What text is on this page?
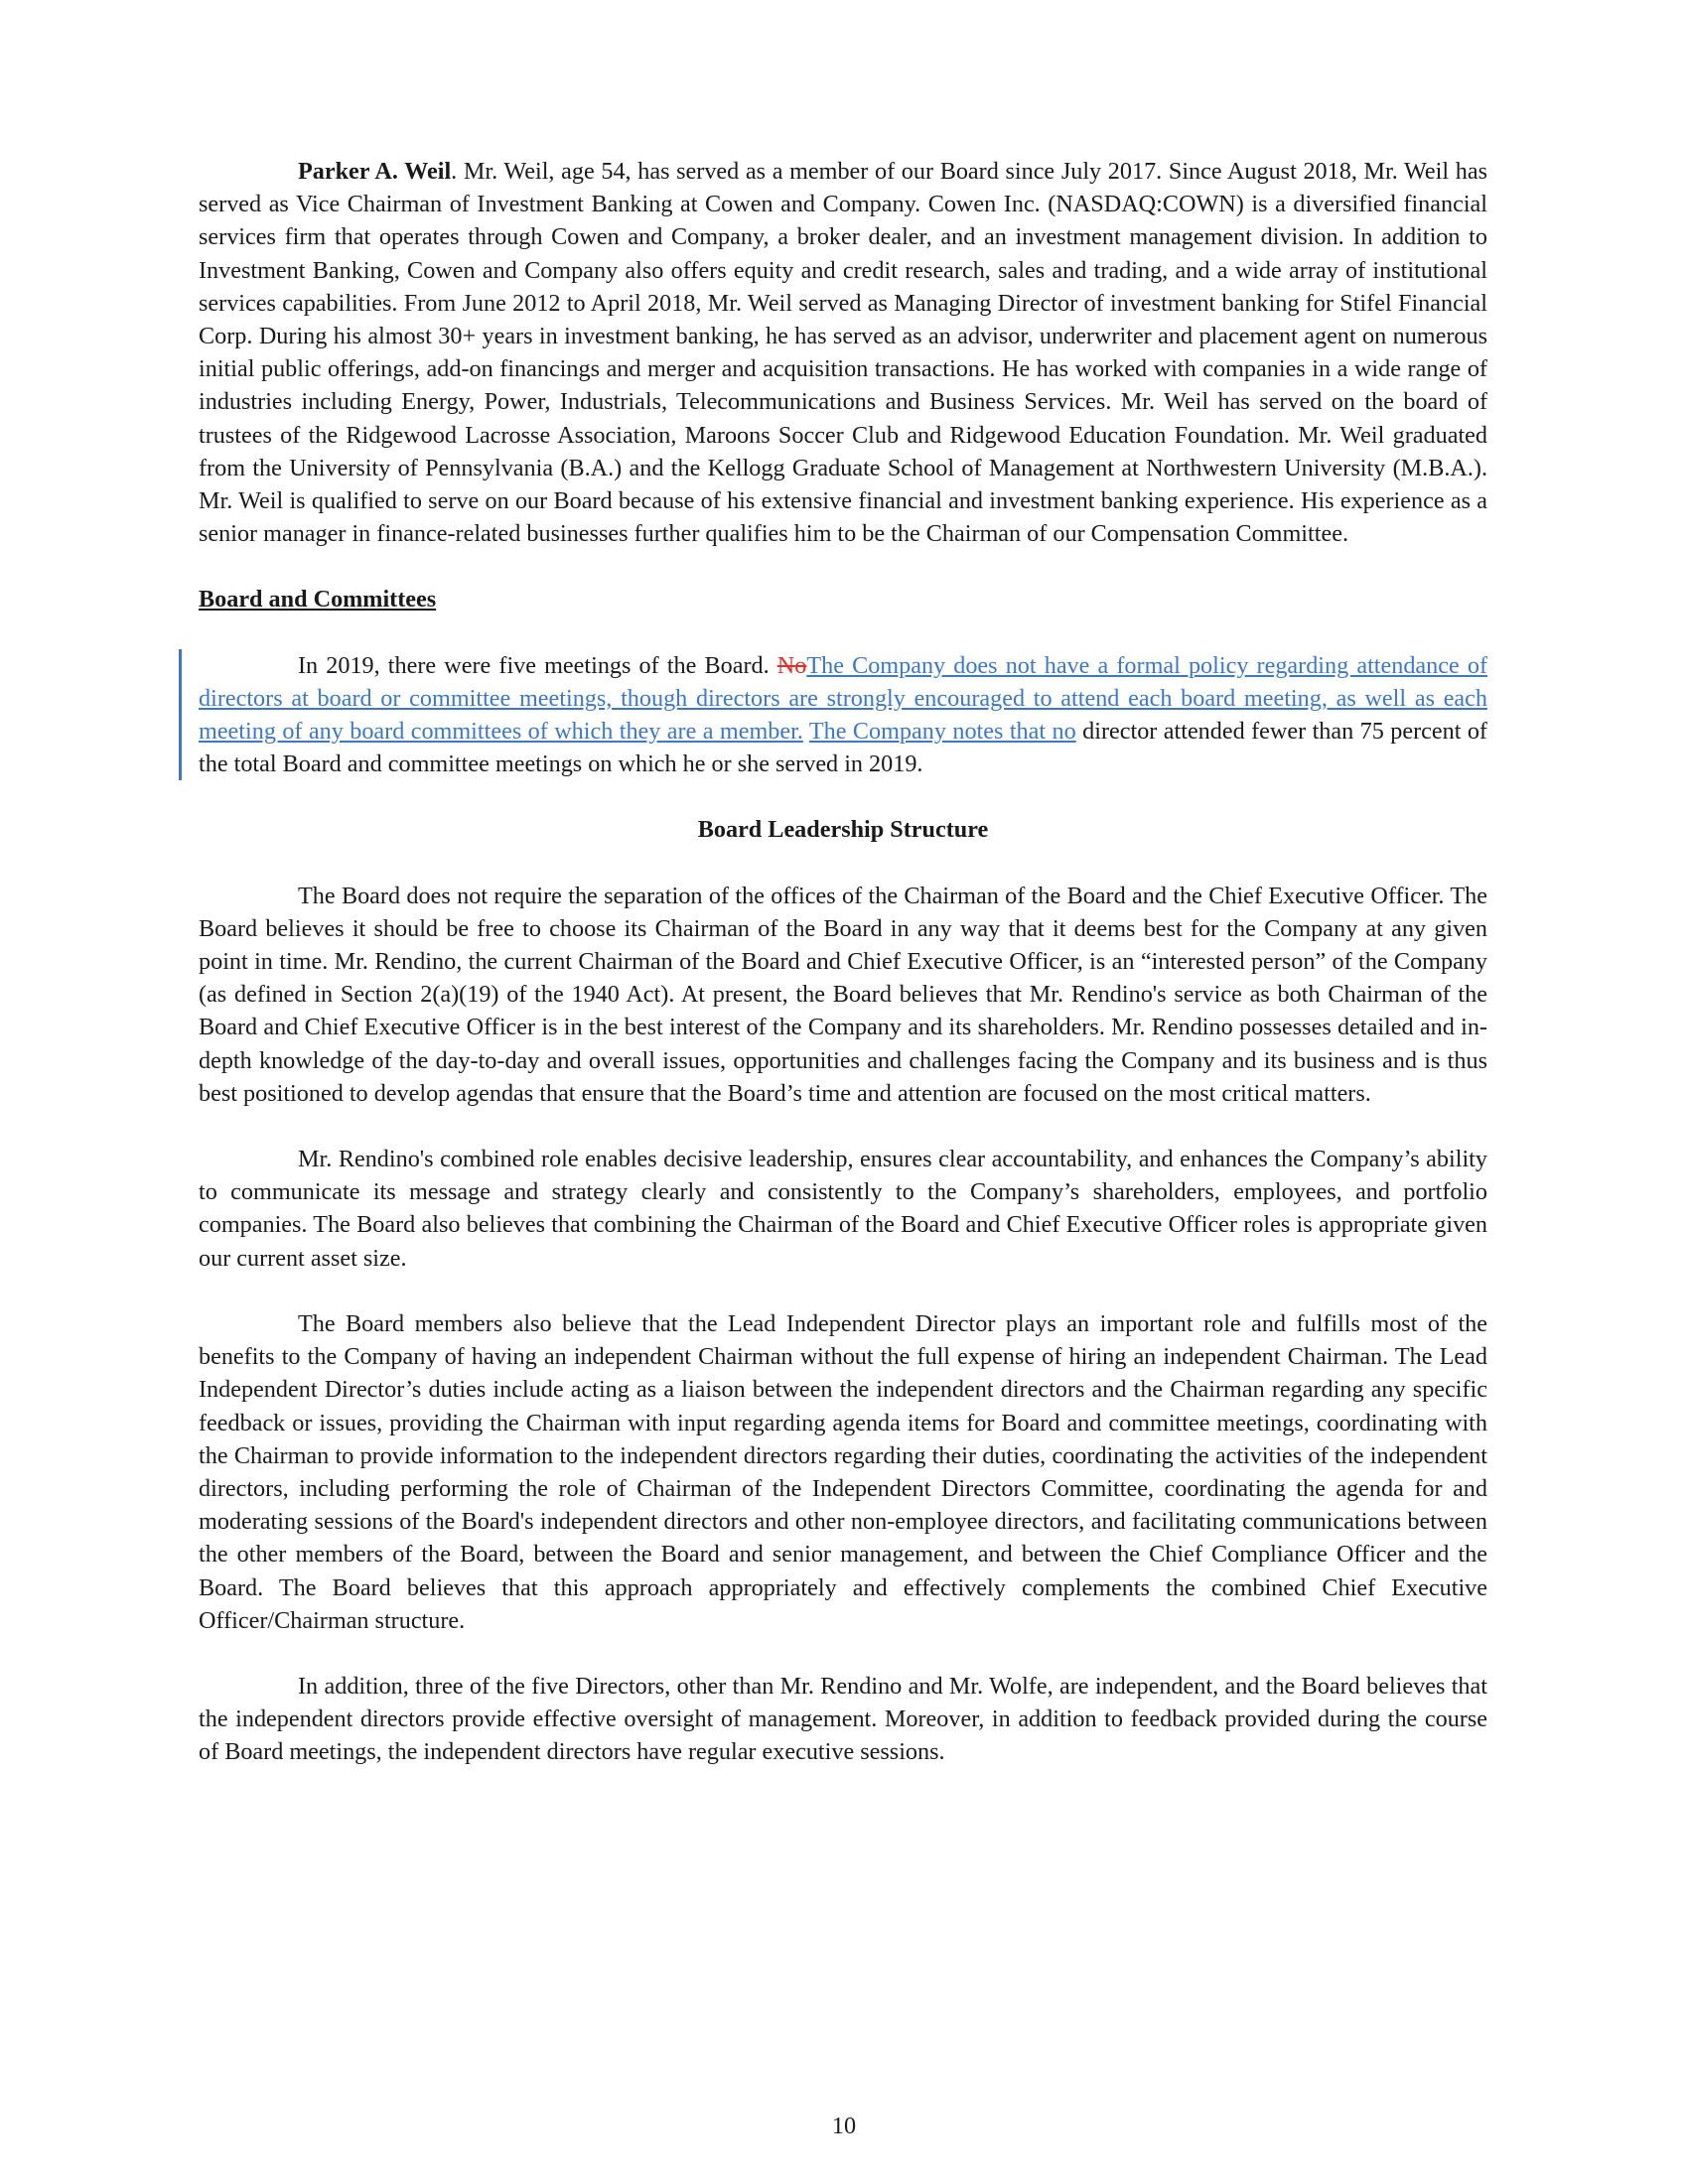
Parker A. Weil. Mr. Weil, age 54, has served as a member of our Board since July 2017. Since August 2018, Mr. Weil has served as Vice Chairman of Investment Banking at Cowen and Company. Cowen Inc. (NASDAQ:COWN) is a diversified financial services firm that operates through Cowen and Company, a broker dealer, and an investment management division. In addition to Investment Banking, Cowen and Company also offers equity and credit research, sales and trading, and a wide array of institutional services capabilities. From June 2012 to April 2018, Mr. Weil served as Managing Director of investment banking for Stifel Financial Corp. During his almost 30+ years in investment banking, he has served as an advisor, underwriter and placement agent on numerous initial public offerings, add-on financings and merger and acquisition transactions. He has worked with companies in a wide range of industries including Energy, Power, Industrials, Telecommunications and Business Services. Mr. Weil has served on the board of trustees of the Ridgewood Lacrosse Association, Maroons Soccer Club and Ridgewood Education Foundation. Mr. Weil graduated from the University of Pennsylvania (B.A.) and the Kellogg Graduate School of Management at Northwestern University (M.B.A.). Mr. Weil is qualified to serve on our Board because of his extensive financial and investment banking experience. His experience as a senior manager in finance-related businesses further qualifies him to be the Chairman of our Compensation Committee.

Board and Committees

In 2019, there were five meetings of the Board. NoThe Company does not have a formal policy regarding attendance of directors at board or committee meetings, though directors are strongly encouraged to attend each board meeting, as well as each meeting of any board committees of which they are a member. The Company notes that no director attended fewer than 75 percent of the total Board and committee meetings on which he or she served in 2019.

Board Leadership Structure

The Board does not require the separation of the offices of the Chairman of the Board and the Chief Executive Officer. The Board believes it should be free to choose its Chairman of the Board in any way that it deems best for the Company at any given point in time. Mr. Rendino, the current Chairman of the Board and Chief Executive Officer, is an “interested person” of the Company (as defined in Section 2(a)(19) of the 1940 Act). At present, the Board believes that Mr. Rendino's service as both Chairman of the Board and Chief Executive Officer is in the best interest of the Company and its shareholders. Mr. Rendino possesses detailed and in-depth knowledge of the day-to-day and overall issues, opportunities and challenges facing the Company and its business and is thus best positioned to develop agendas that ensure that the Board’s time and attention are focused on the most critical matters.

Mr. Rendino's combined role enables decisive leadership, ensures clear accountability, and enhances the Company’s ability to communicate its message and strategy clearly and consistently to the Company’s shareholders, employees, and portfolio companies. The Board also believes that combining the Chairman of the Board and Chief Executive Officer roles is appropriate given our current asset size.

The Board members also believe that the Lead Independent Director plays an important role and fulfills most of the benefits to the Company of having an independent Chairman without the full expense of hiring an independent Chairman. The Lead Independent Director’s duties include acting as a liaison between the independent directors and the Chairman regarding any specific feedback or issues, providing the Chairman with input regarding agenda items for Board and committee meetings, coordinating with the Chairman to provide information to the independent directors regarding their duties, coordinating the activities of the independent directors, including performing the role of Chairman of the Independent Directors Committee, coordinating the agenda for and moderating sessions of the Board's independent directors and other non-employee directors, and facilitating communications between the other members of the Board, between the Board and senior management, and between the Chief Compliance Officer and the Board. The Board believes that this approach appropriately and effectively complements the combined Chief Executive Officer/Chairman structure.

In addition, three of the five Directors, other than Mr. Rendino and Mr. Wolfe, are independent, and the Board believes that the independent directors provide effective oversight of management. Moreover, in addition to feedback provided during the course of Board meetings, the independent directors have regular executive sessions.

10
